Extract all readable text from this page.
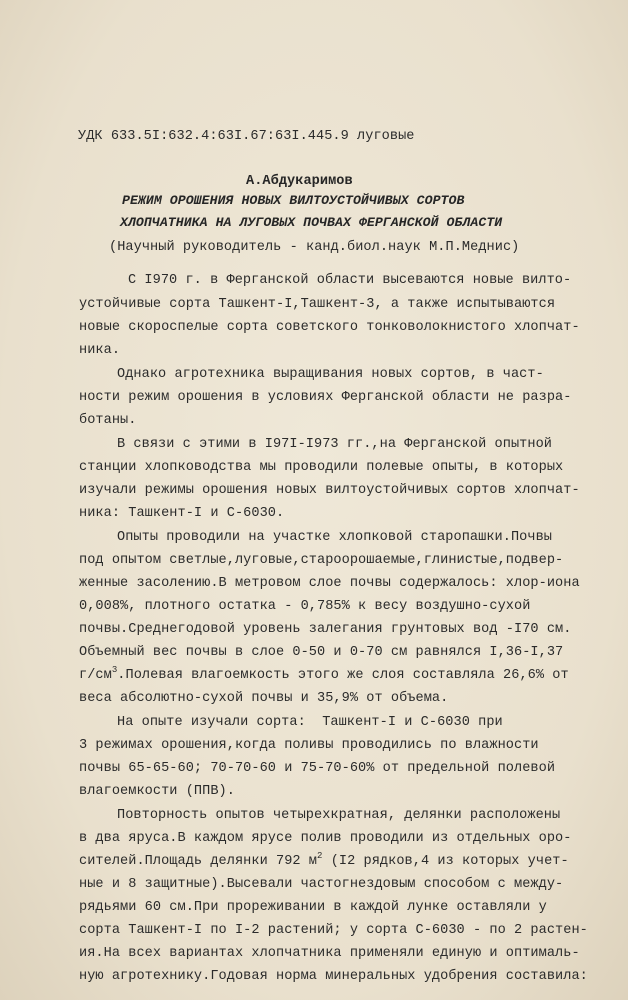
УДК 633.5I:632.4:63I.67:63I.445.9 луговые
А.Абдукаримов
РЕЖИМ ОРОШЕНИЯ НОВЫХ ВИЛТОУСТОЙЧИВЫХ СОРТОВ
ХЛОПЧАТНИКА НА ЛУГОВЫХ ПОЧВАХ ФЕРГАНСКОЙ ОБЛАСТИ
(Научный руководитель - канд.биол.наук М.П.Меднис)
С I970 г. в Ферганской области высеваются новые вилто-
устойчивые сорта Ташкент-I,Ташкент-3, а также испытываются
новые скороспелые сорта советского тонковолокнистого хлопчат-
ника.
Однако агротехника выращивания новых сортов, в част-
ности режим орошения в условиях Ферганской области не разра-
ботаны.
В связи с этими в I97I-I973 гг.,на Ферганской опытной
станции хлопководства мы проводили полевые опыты, в которых
изучали режимы орошения новых вилтоустойчивых сортов хлопчат-
ника: Ташкент-I и С-6030.
Опыты проводили на участке хлопковой старопашки.Почвы
под опытом светлые,луговые,староорошаемые,глинистые,подвер-
женные засолению.В метровом слое почвы содержалось: хлор-иона
0,008%, плотного остатка - 0,785% к весу воздушно-сухой
почвы.Среднегодовой уровень залегания грунтовых вод -I70 см.
Объемный вес почвы в слое 0-50 и 0-70 см равнялся I,36-I,37
$г/см^3.Полевая$ влагоемкость этого же слоя составляла 26,6% от
веса абсолютно-сухой почвы и 35,9% от объема.
На опыте изучали сорта:  Ташкент-I и С-6030 при
3 режимах орошения,когда поливы проводились по влажности
почвы 65-65-60; 70-70-60 и 75-70-60% от предельной полевой
влагоемкости (ППВ).
Повторность опытов четырехкратная, делянки расположены
в два яруса.В каждом ярусе полив проводили из отдельных оро-
сителей.Площадь делянки 792 $м^2$ (I2 рядков,4 из которых учет-
ные и 8 защитные).Высевали частогнездовым способом с между-
рядьями 60 см.При прореживании в каждой лунке оставляли у
сорта Ташкент-I по I-2 растений; у сорта С-6030 - по 2 растен-
ия.На всех вариантах хлопчатника применяли единую и оптималь-
ную агротехнику.Годовая норма минеральных удобрения составила:
